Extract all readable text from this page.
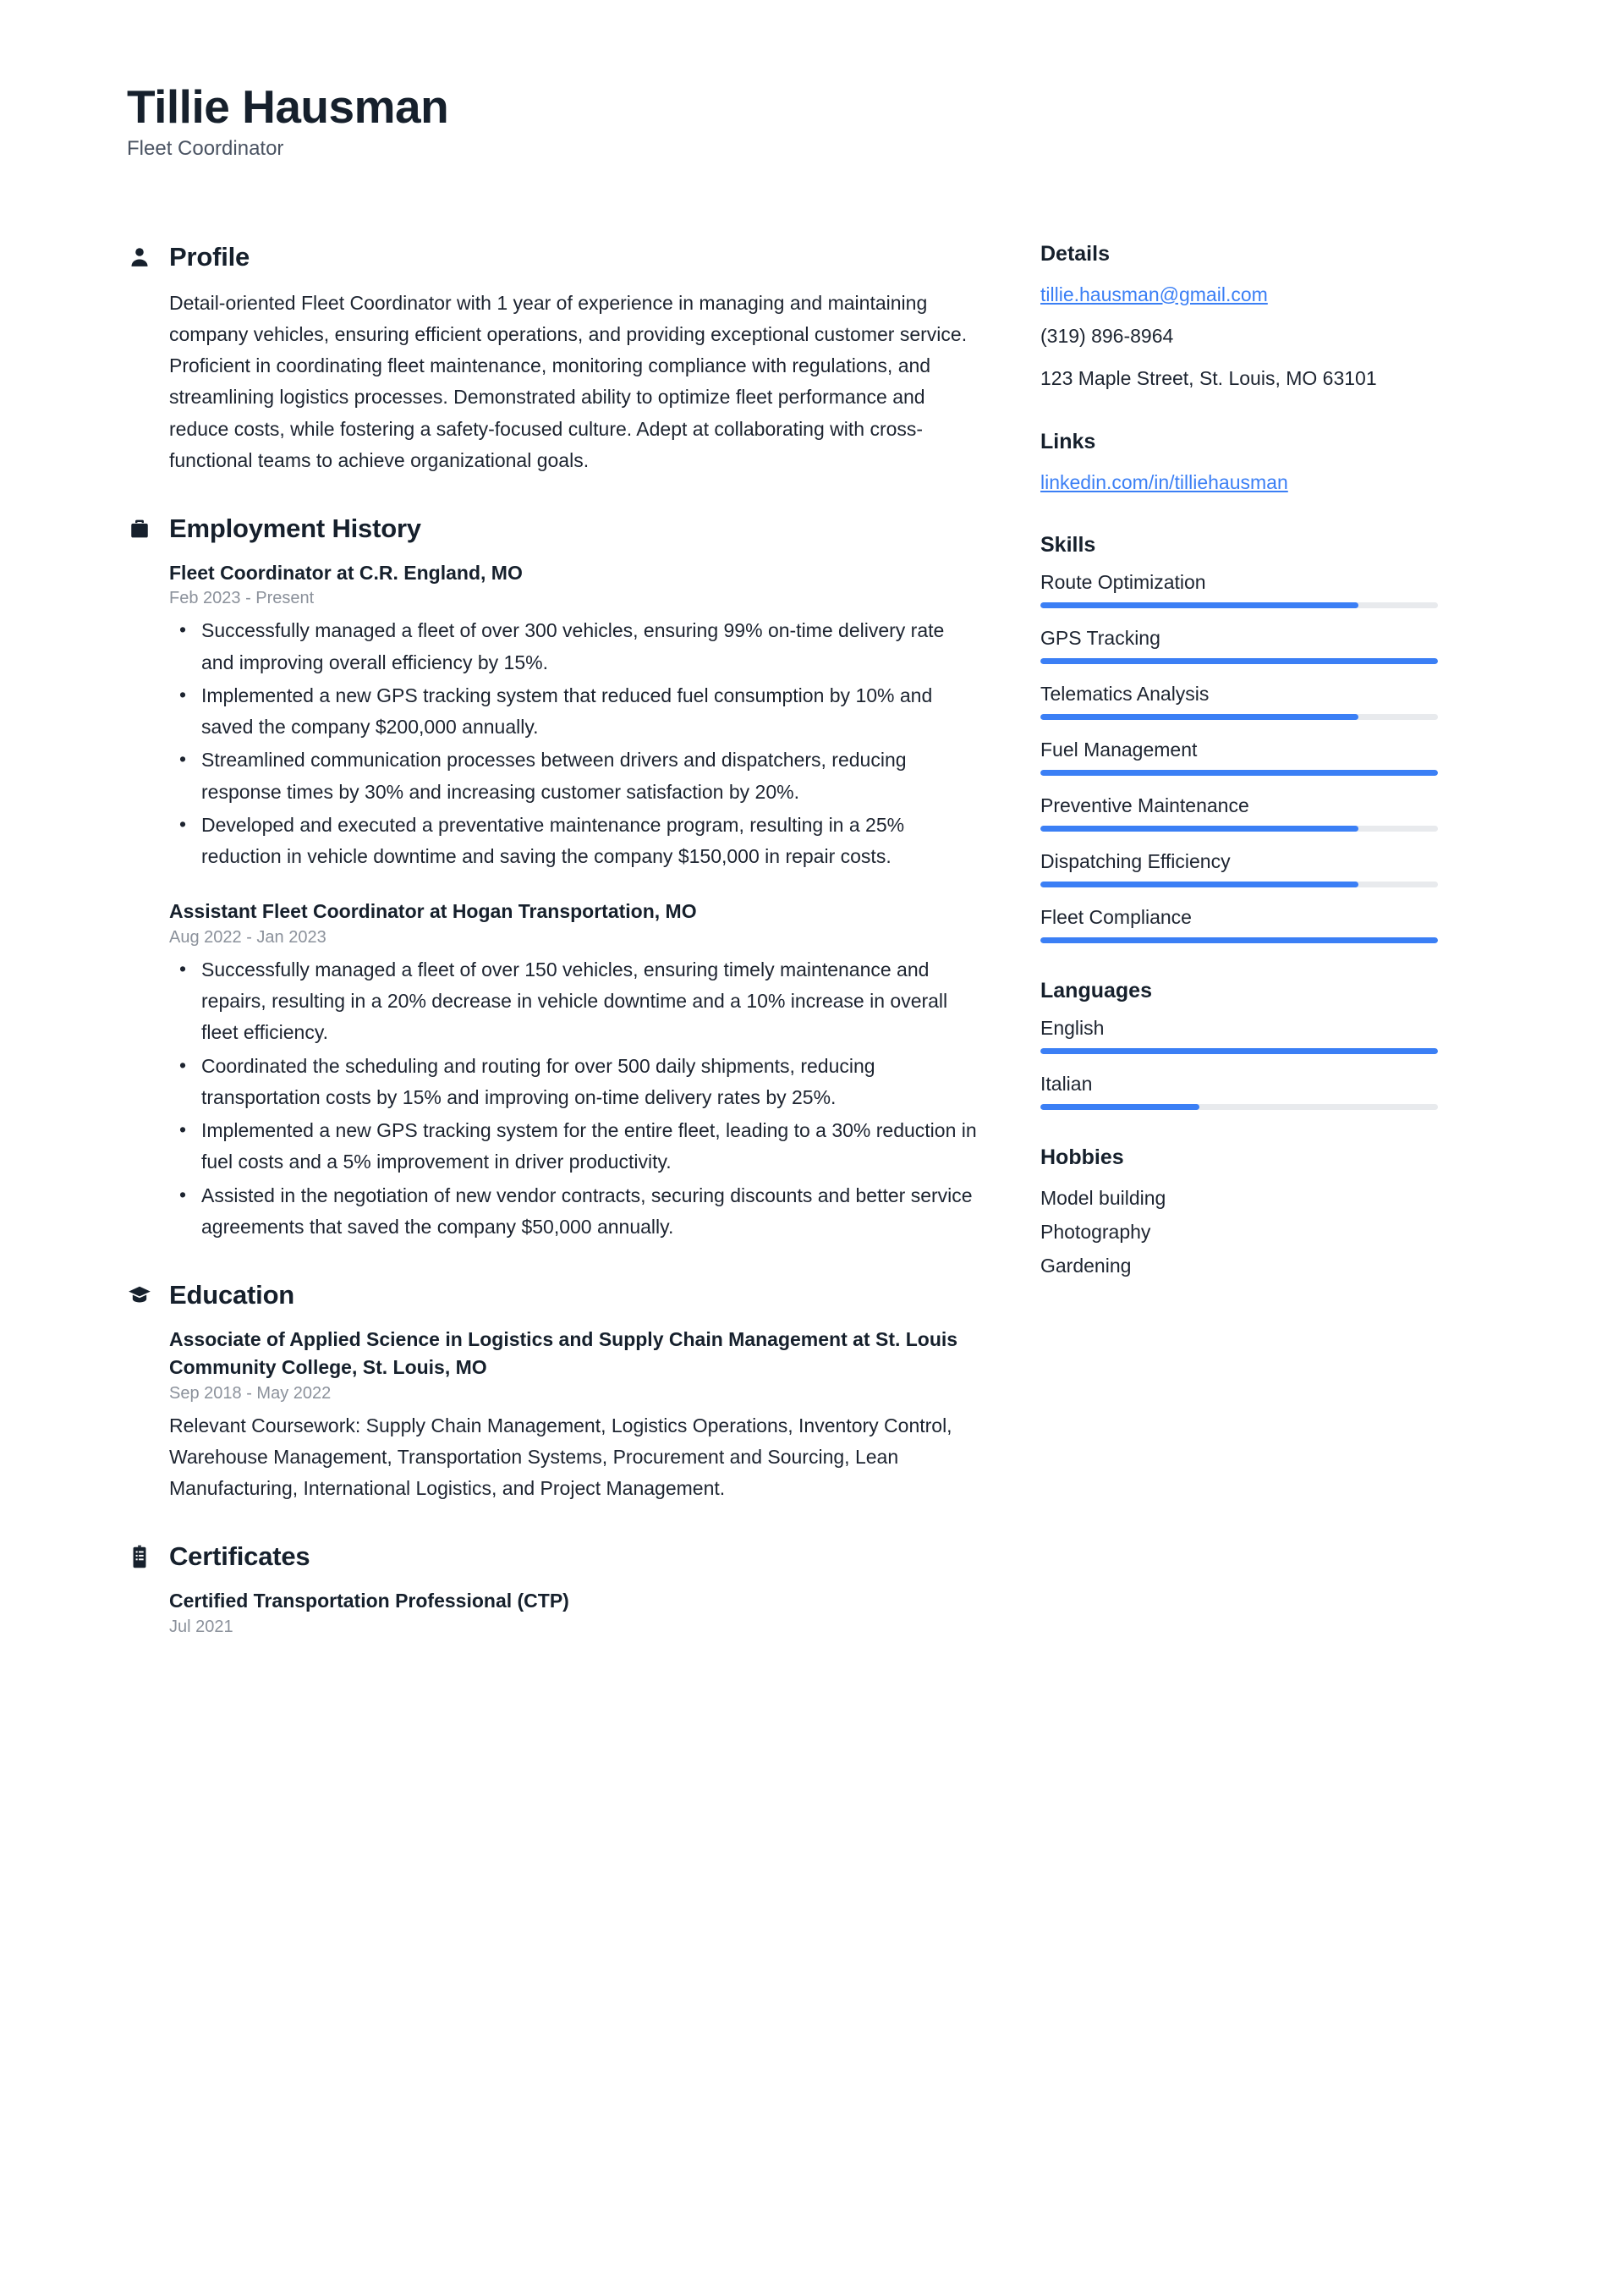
Tillie Hausman
Fleet Coordinator
Profile

Detail-oriented Fleet Coordinator with 1 year of experience in managing and maintaining company vehicles, ensuring efficient operations, and providing exceptional customer service. Proficient in coordinating fleet maintenance, monitoring compliance with regulations, and streamlining logistics processes. Demonstrated ability to optimize fleet performance and reduce costs, while fostering a safety-focused culture. Adept at collaborating with cross-functional teams to achieve organizational goals.

Employment History
Fleet Coordinator at C.R. England, MO
Feb 2023 - Present
• Successfully managed a fleet of over 300 vehicles, ensuring 99% on-time delivery rate and improving overall efficiency by 15%.
• Implemented a new GPS tracking system that reduced fuel consumption by 10% and saved the company $200,000 annually.
• Streamlined communication processes between drivers and dispatchers, reducing response times by 30% and increasing customer satisfaction by 20%.
• Developed and executed a preventative maintenance program, resulting in a 25% reduction in vehicle downtime and saving the company $150,000 in repair costs.
Assistant Fleet Coordinator at Hogan Transportation, MO
Aug 2022 - Jan 2023
• Successfully managed a fleet of over 150 vehicles, ensuring timely maintenance and repairs, resulting in a 20% decrease in vehicle downtime and a 10% increase in overall fleet efficiency.
• Coordinated the scheduling and routing for over 500 daily shipments, reducing transportation costs by 15% and improving on-time delivery rates by 25%.
• Implemented a new GPS tracking system for the entire fleet, leading to a 30% reduction in fuel costs and a 5% improvement in driver productivity.
• Assisted in the negotiation of new vendor contracts, securing discounts and better service agreements that saved the company $50,000 annually.
Education
Associate of Applied Science in Logistics and Supply Chain Management at St. Louis Community College, St. Louis, MO
Sep 2018 - May 2022
Relevant Coursework: Supply Chain Management, Logistics Operations, Inventory Control, Warehouse Management, Transportation Systems, Procurement and Sourcing, Lean Manufacturing, International Logistics, and Project Management.
Certificates
Certified Transportation Professional (CTP)
Jul 2021
Details
tillie.hausman@gmail.com
(319) 896-8964
123 Maple Street, St. Louis, MO 63101
Links
linkedin.com/in/tilliehausman
Skills
Route Optimization
GPS Tracking
Telematics Analysis
Fuel Management
Preventive Maintenance
Dispatching Efficiency
Fleet Compliance
Languages
English
Italian
Hobbies
Model building
Photography
Gardening
